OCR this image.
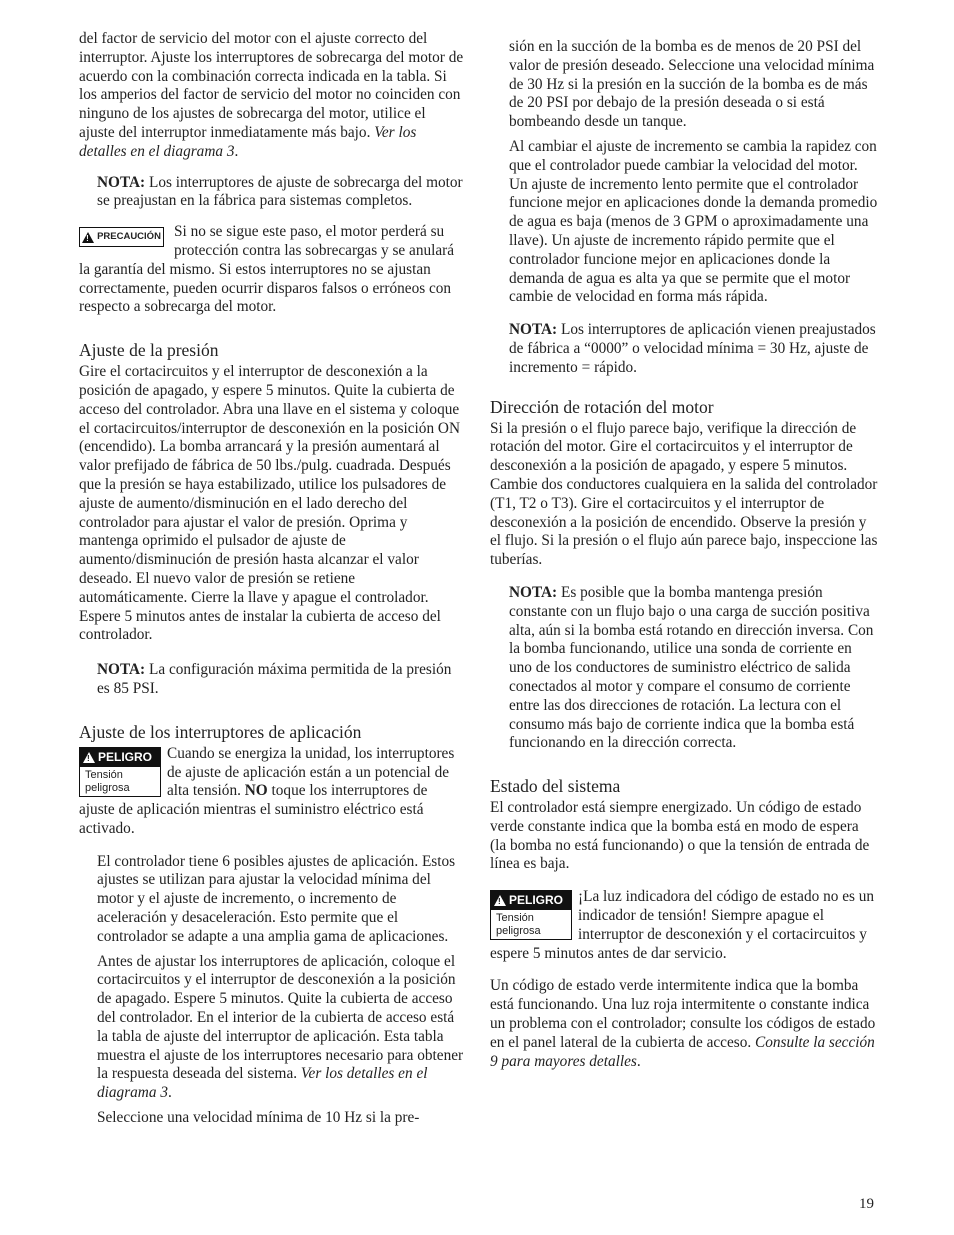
del factor de servicio del motor con el ajuste correcto del interruptor. Ajuste los interruptores de sobrecarga del motor de acuerdo con la combinación correcta indicada en la tabla. Si los amperios del factor de servicio del motor no coinciden con ninguno de los ajustes de sobrecarga del motor, utilice el ajuste del interruptor inmediatamente más bajo. Ver los detalles en el diagrama 3.

NOTA: Los interruptores de ajuste de sobrecarga del motor se preajustan en la fábrica para sistemas completos.

! PRECAUCIÓN Si no se sigue este paso, el motor perderá su protección contra las sobrecargas y se anulará la garantía del mismo. Si estos interruptores no se ajustan correctamente, pueden ocurrir disparos falsos o erróneos con respecto a sobrecarga del motor.
Ajuste de la presión

Gire el cortacircuitos y el interruptor de desconexión a la posición de apagado, y espere 5 minutos. Quite la cubierta de acceso del controlador. Abra una llave en el sistema y coloque el cortacircuitos/interruptor de desconexión en la posición ON (encendido). La bomba arrancará y la presión aumentará al valor prefijado de fábrica de 50 lbs./pulg. cuadrada. Después que la presión se haya estabilizado, utilice los pulsadores de ajuste de aumento/disminución en el lado derecho del controlador para ajustar el valor de presión. Oprima y mantenga oprimido el pulsador de ajuste de aumento/disminución de presión hasta alcanzar el valor deseado. El nuevo valor de presión se retiene automáticamente. Cierre la llave y apague el controlador. Espere 5 minutos antes de instalar la cubierta de acceso del controlador.

NOTA: La configuración máxima permitida de la presión es 85 PSI.

Ajuste de los interruptores de aplicación
! PELIGRO
Tensión peligrosa
Cuando se energiza la unidad, los interruptores de ajuste de aplicación están a un potencial de alta tensión. NO toque los interruptores de ajuste de aplicación mientras el suministro eléctrico está activado.

El controlador tiene 6 posibles ajustes de aplicación. Estos ajustes se utilizan para ajustar la velocidad mínima del motor y el ajuste de incremento, o incremento de aceleración y desaceleración. Esto permite que el controlador se adapte a una amplia gama de aplicaciones.

Antes de ajustar los interruptores de aplicación, coloque el cortacircuitos y el interruptor de desconexión a la posición de apagado. Espere 5 minutos. Quite la cubierta de acceso del controlador. En el interior de la cubierta de acceso está la tabla de ajuste del interruptor de aplicación. Esta tabla muestra el ajuste de los interruptores necesario para obtener la respuesta deseada del sistema. Ver los detalles en el diagrama 3.

Seleccione una velocidad mínima de 10 Hz si la pre-

sión en la succión de la bomba es de menos de 20 PSI del valor de presión deseado. Seleccione una velocidad mínima de 30 Hz si la presión en la succión de la bomba es de más de 20 PSI por debajo de la presión deseada o si está bombeando desde un tanque.

Al cambiar el ajuste de incremento se cambia la rapidez con que el controlador puede cambiar la velocidad del motor. Un ajuste de incremento lento permite que el controlador funcione mejor en aplicaciones donde la demanda promedio de agua es baja (menos de 3 GPM o aproximadamente una llave). Un ajuste de incremento rápido permite que el controlador funcione mejor en aplicaciones donde la demanda de agua es alta ya que se permite que el motor cambie de velocidad en forma más rápida.

NOTA: Los interruptores de aplicación vienen preajustados de fábrica a “0000” o velocidad mínima = 30 Hz, ajuste de incremento = rápido.

Dirección de rotación del motor

Si la presión o el flujo parece bajo, verifique la dirección de rotación del motor. Gire el cortacircuitos y el interruptor de desconexión a la posición de apagado, y espere 5 minutos. Cambie dos conductores cualquiera en la salida del controlador (T1, T2 o T3). Gire el cortacircuitos y el interruptor de desconexión a la posición de encendido. Observe la presión y el flujo. Si la presión o el flujo aún parece bajo, inspeccione las tuberías.

NOTA: Es posible que la bomba mantenga presión constante con un flujo bajo o una carga de succión positiva alta, aún si la bomba está rotando en dirección inversa. Con la bomba funcionando, utilice una sonda de corriente en uno de los conductores de suministro eléctrico de salida conectados al motor y compare el consumo de corriente entre las dos direcciones de rotación. La lectura con el consumo más bajo de corriente indica que la bomba está funcionando en la dirección correcta.

Estado del sistema

El controlador está siempre energizado. Un código de estado verde constante indica que la bomba está en modo de espera (la bomba no está funcionando) o que la tensión de entrada de línea es baja.

! PELIGRO
Tensión peligrosa
¡La luz indicadora del código de estado no es un indicador de tensión! Siempre apague el interruptor de desconexión y el cortacircuitos y espere 5 minutos antes de dar servicio.

Un código de estado verde intermitente indica que la bomba está funcionando. Una luz roja intermitente o constante indica un problema con el controlador; consulte los códigos de estado en el panel lateral de la cubierta de acceso. Consulte la sección 9 para mayores detalles.

19
